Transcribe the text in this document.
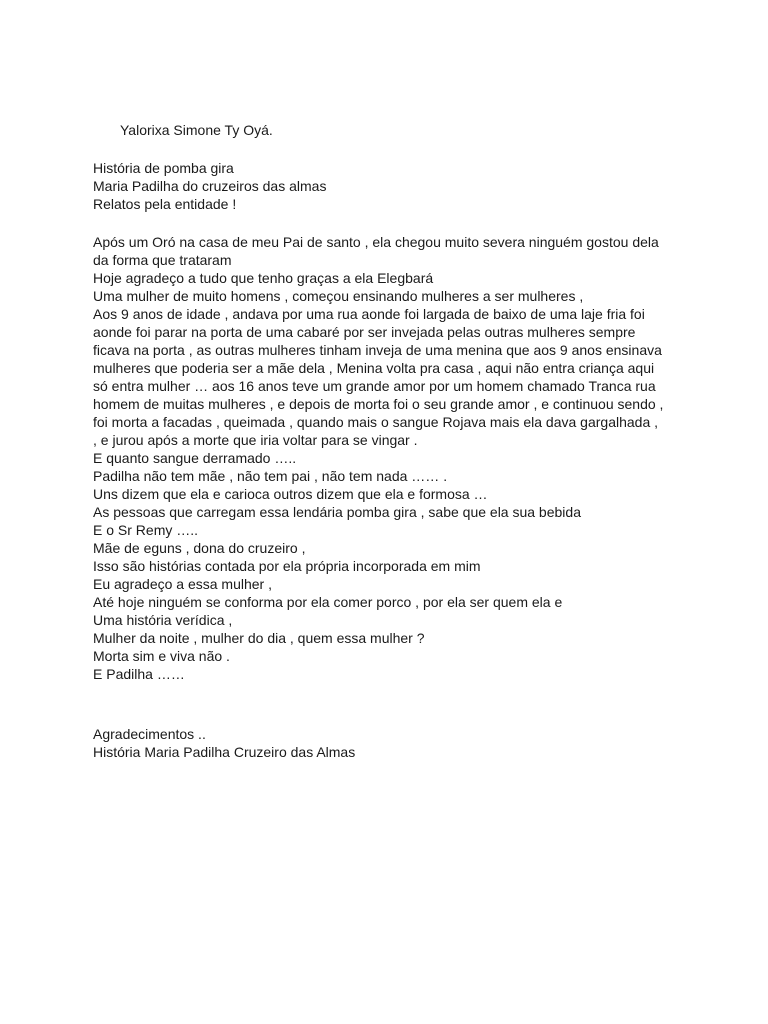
Yalorixa Simone Ty Oyá.
História de pomba gira
Maria Padilha do cruzeiros das almas
Relatos pela entidade !
Após um Oró na casa de meu Pai de santo , ela chegou muito severa ninguém gostou dela
da forma que trataram
Hoje agradeço a tudo que tenho graças a ela Elegbará
Uma mulher de muito homens , começou ensinando mulheres a ser mulheres ,
Aos 9 anos de idade , andava por uma rua aonde foi largada de baixo de uma laje fria foi
aonde foi parar na porta de uma cabaré por ser invejada pelas outras mulheres sempre
ficava na porta , as outras mulheres tinham inveja de uma menina que aos 9 anos ensinava
mulheres que poderia ser a mãe dela , Menina volta pra casa , aqui não entra criança aqui
só entra mulher … aos 16 anos teve um grande amor por um homem chamado Tranca rua
homem de muitas mulheres , e depois de morta foi o seu grande amor , e continuou sendo ,
foi morta a facadas , queimada , quando mais o sangue Rojava mais ela dava gargalhada ,
, e jurou após a morte que iria voltar para se vingar .
E quanto sangue derramado …..
Padilha não tem mãe , não tem pai , não tem nada …… .
Uns dizem que ela e carioca outros dizem que ela e formosa …
As pessoas que carregam essa lendária pomba gira , sabe que ela sua bebida
E o Sr Remy …..
Mãe de eguns , dona do cruzeiro ,
Isso são histórias contada por ela própria incorporada em mim
Eu agradeço a essa mulher ,
Até hoje ninguém se conforma por ela comer porco , por ela ser quem ela e
Uma história verídica ,
Mulher da noite , mulher do dia , quem essa mulher ?
Morta sim e viva não .
E Padilha ……
Agradecimentos ..
História Maria Padilha Cruzeiro das Almas
